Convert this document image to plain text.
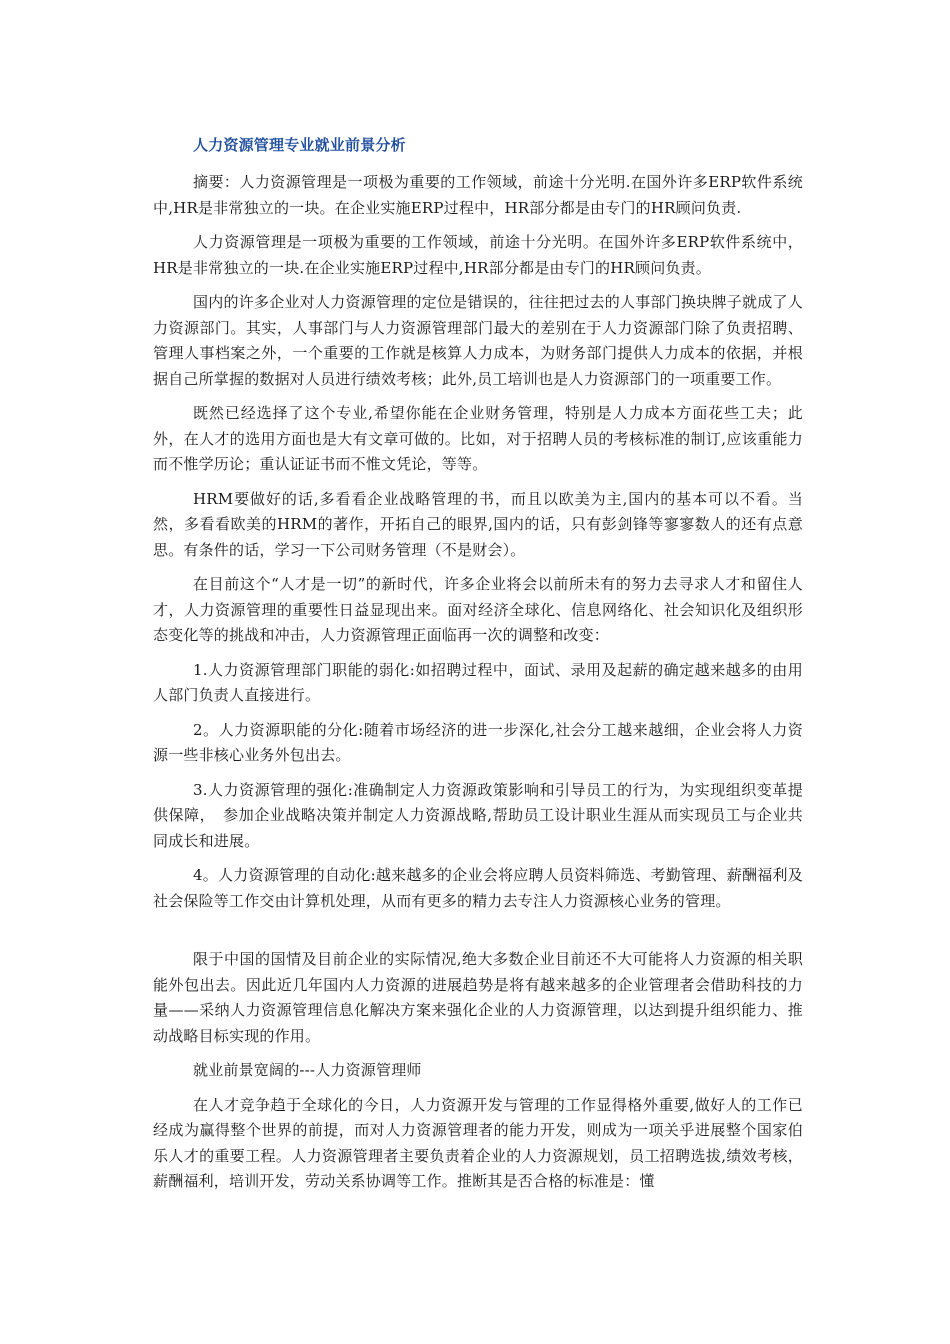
人力资源管理专业就业前景分析

摘要：人力资源管理是一项极为重要的工作领域，前途十分光明.在国外许多ERP软件系统中,HR是非常独立的一块。在企业实施ERP过程中，HR部分都是由专门的HR顾问负责.

人力资源管理是一项极为重要的工作领域，前途十分光明。在国外许多ERP软件系统中，HR是非常独立的一块.在企业实施ERP过程中,HR部分都是由专门的HR顾问负责。

国内的许多企业对人力资源管理的定位是错误的，往往把过去的人事部门换块牌子就成了人力资源部门。其实，人事部门与人力资源管理部门最大的差别在于人力资源部门除了负责招聘、管理人事档案之外，一个重要的工作就是核算人力成本，为财务部门提供人力成本的依据，并根据自己所掌握的数据对人员进行绩效考核；此外,员工培训也是人力资源部门的一项重要工作。

既然已经选择了这个专业,希望你能在企业财务管理，特别是人力成本方面花些工夫；此外，在人才的选用方面也是大有文章可做的。比如，对于招聘人员的考核标准的制订,应该重能力而不惟学历论；重认证证书而不惟文凭论，等等。

HRM要做好的话,多看看企业战略管理的书，而且以欧美为主,国内的基本可以不看。当然，多看看欧美的HRM的著作，开拓自己的眼界,国内的话，只有彭剑锋等寥寥数人的还有点意思。有条件的话，学习一下公司财务管理（不是财会）。

在目前这个“人才是一切”的新时代，许多企业将会以前所未有的努力去寻求人才和留住人才，人力资源管理的重要性日益显现出来。面对经济全球化、信息网络化、社会知识化及组织形态变化等的挑战和冲击，人力资源管理正面临再一次的调整和改变：

1.人力资源管理部门职能的弱化:如招聘过程中，面试、录用及起薪的确定越来越多的由用人部门负责人直接进行。

2。人力资源职能的分化:随着市场经济的进一步深化,社会分工越来越细，企业会将人力资源一些非核心业务外包出去。

3.人力资源管理的强化:准确制定人力资源政策影响和引导员工的行为，为实现组织变革提供保障，　参加企业战略决策并制定人力资源战略,帮助员工设计职业生涯从而实现员工与企业共同成长和进展。

4。人力资源管理的自动化:越来越多的企业会将应聘人员资料筛选、考勤管理、薪酬福利及社会保险等工作交由计算机处理，从而有更多的精力去专注人力资源核心业务的管理。

限于中国的国情及目前企业的实际情况,绝大多数企业目前还不大可能将人力资源的相关职能外包出去。因此近几年国内人力资源的进展趋势是将有越来越多的企业管理者会借助科技的力量——采纳人力资源管理信息化解决方案来强化企业的人力资源管理，以达到提升组织能力、推动战略目标实现的作用。

就业前景宽阔的---人力资源管理师

在人才竞争趋于全球化的今日，人力资源开发与管理的工作显得格外重要,做好人的工作已经成为赢得整个世界的前提，而对人力资源管理者的能力开发，则成为一项关乎进展整个国家伯乐人才的重要工程。人力资源管理者主要负责着企业的人力资源规划，员工招聘选拔,绩效考核，薪酬福利，培训开发，劳动关系协调等工作。推断其是否合格的标准是：懂
